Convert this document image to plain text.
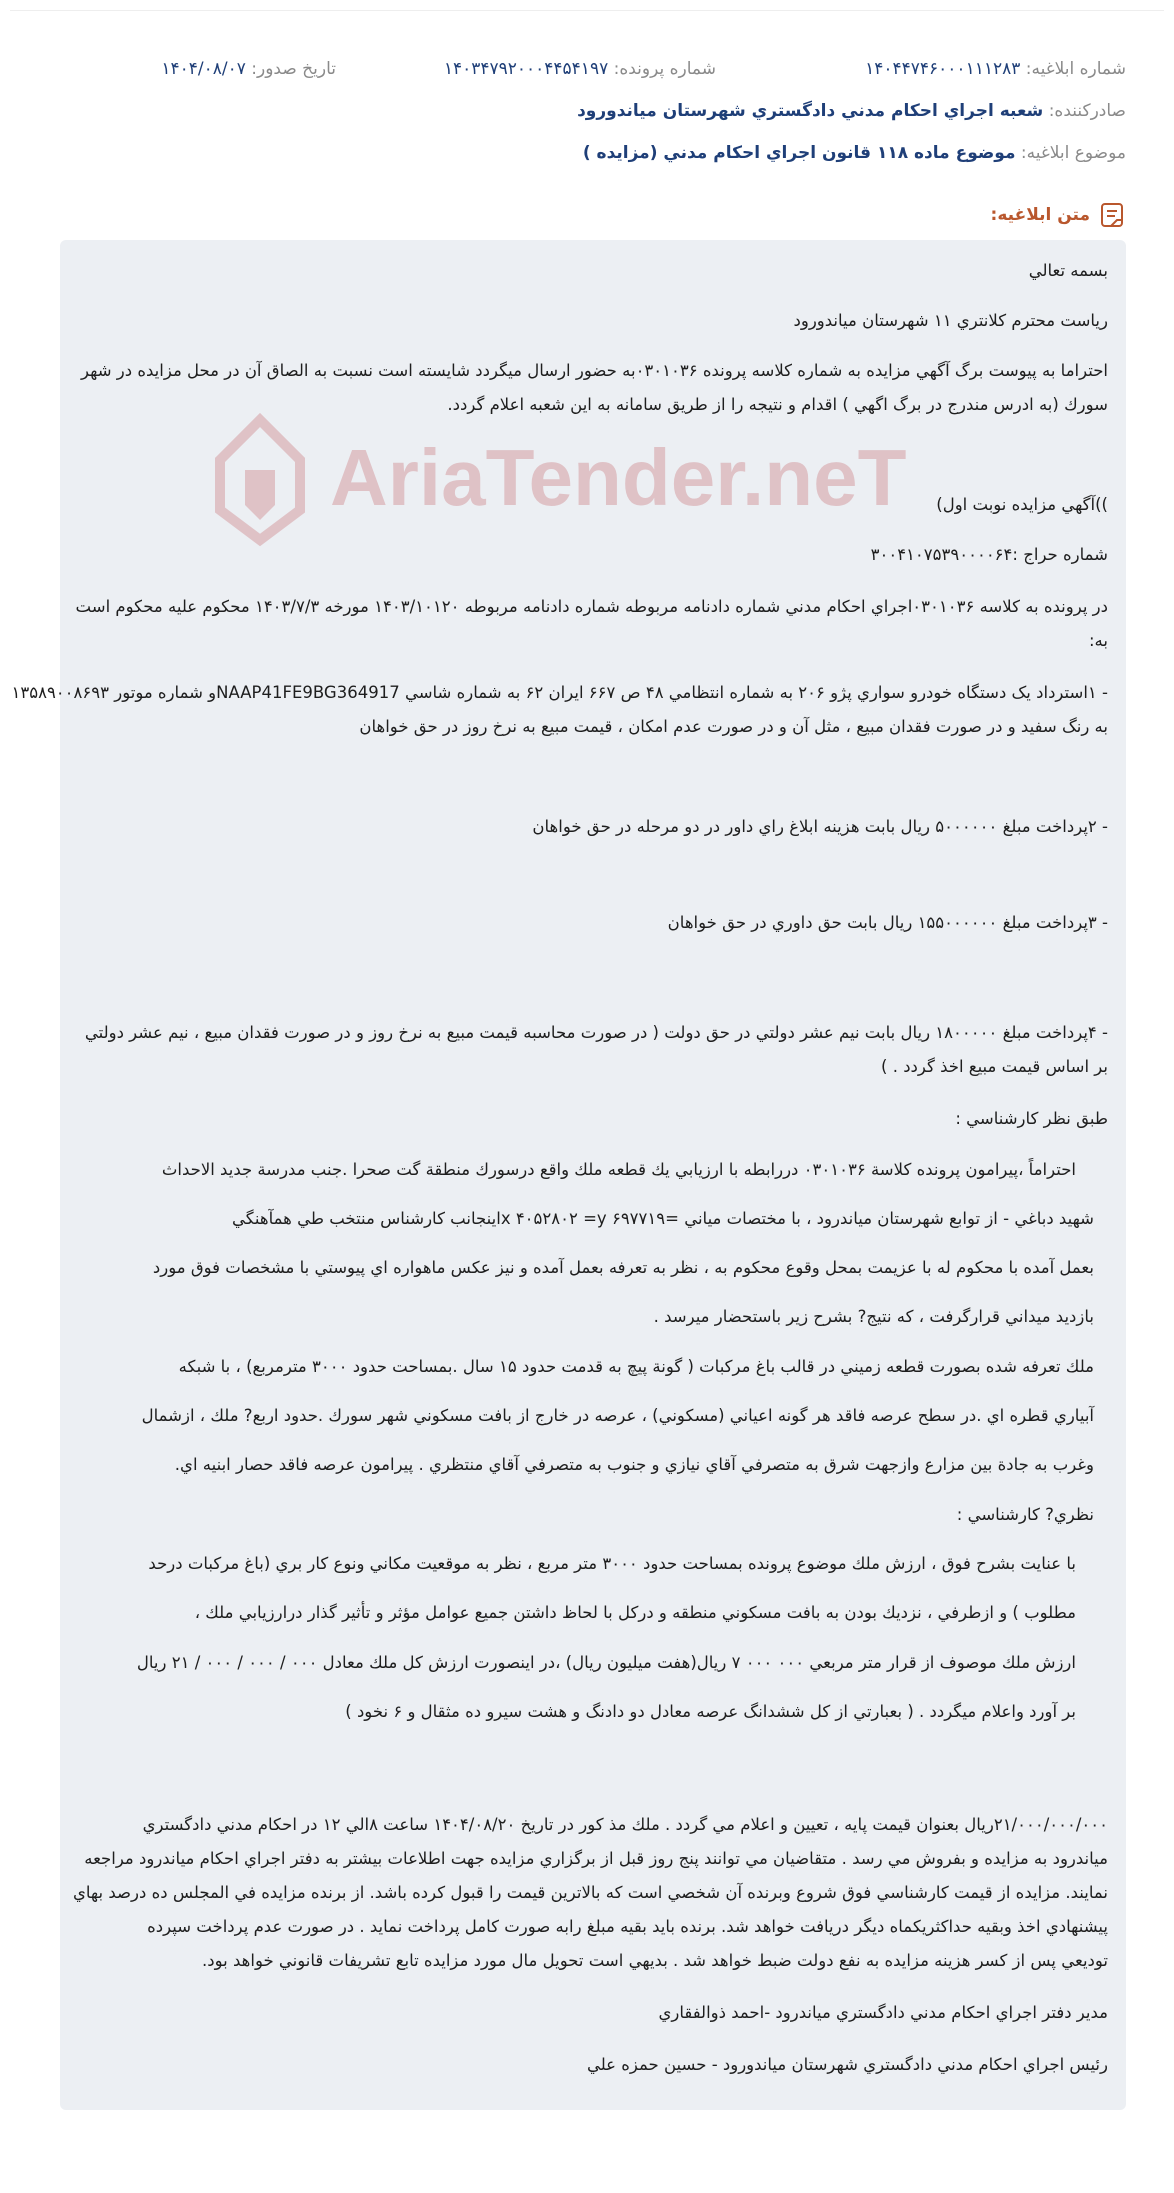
شماره ابلاغیه: ۱۴۰۴۴۷۴۶۰۰۰۱۱۱۲۸۳
شماره پرونده: ۱۴۰۳۴۷۹۲۰۰۰۴۴۵۴۱۹۷
تاریخ صدور: ۱۴۰۴/۰۸/۰۷
صادرکننده: شعبه اجراي احكام مدني دادگستري شهرستان مياندورود
موضوع ابلاغیه: موضوع ماده ۱۱۸ قانون اجراي احكام مدني (مزايده )
متن ابلاغیه:
AriaTender.neT
بسمه تعالي
رياست محترم كلانتري ۱۱ شهرستان مياندورود
احتراما به پيوست برگ آگهي مزايده به شماره كلاسه پرونده ۰۳۰۱۰۳۶به حضور ارسال ميگردد شايسته است نسبت به الصاق آن در محل مزايده در شهر
سورك (به ادرس مندرج در برگ اگهي ) اقدام و نتيجه را از طريق سامانه به اين شعبه اعلام گردد.
))آگهي مزايده نوبت اول)
شماره حراج :۳۰۰۴۱۰۷۵۳۹۰۰۰۰۶۴
در پرونده به كلاسه ۰۳۰۱۰۳۶اجراي احكام مدني شماره دادنامه مربوطه شماره دادنامه مربوطه ۱۴۰۳/۱۰۱۲۰ مورخه ۱۴۰۳/۷/۳ محكوم عليه محكوم است
به:
- ۱استرداد يک دستگاه خودرو سواري پژو ۲۰۶ به شماره انتظامي ۴۸ ص ۶۶۷ ايران ۶۲ به شماره شاسي NAAP41FE9BG364917و شماره موتور ۱۳۵۸۹۰۰۸۶۹۳
به رنگ سفيد و در صورت فقدان مبيع ، مثل آن و در صورت عدم امكان ، قيمت مبيع به نرخ روز در حق خواهان
- ۲پرداخت مبلغ ۵۰۰۰۰۰۰ ريال بابت هزينه ابلاغ راي داور در دو مرحله در حق خواهان
- ۳پرداخت مبلغ ۱۵۵۰۰۰۰۰۰ ريال بابت حق داوري در حق خواهان
- ۴پرداخت مبلغ ۱۸۰۰۰۰۰ ريال بابت نيم عشر دولتي در حق دولت ( در صورت محاسبه قيمت مبيع به نرخ روز و در صورت فقدان مبيع ، نيم عشر دولتي
بر اساس قيمت مبيع اخذ گردد . )
طبق نظر كارشناسي :
احتراماً ،پيرامون پرونده كلاسة ۰۳۰۱۰۳۶ دررابطه با ارزيابي يك قطعه ملك واقع درسورك منطقة گت صحرا .جنب مدرسة جديد الاحداث
شهيد دباغي - از توابع شهرستان مياندرود ، با مختصات مياني =۶۹۷۷۱۹ x ۴۰۵۲۸۰۲ =yاينجانب كارشناس منتخب طي همآهنگي
بعمل آمده با محكوم له با عزيمت بمحل وقوع محكوم به ، نظر به تعرفه بعمل آمده و نيز عكس ماهواره اي پيوستي با مشخصات فوق مورد
بازديد ميداني قرارگرفت ، كه نتيج? بشرح زير باستحضار ميرسد .
ملك تعرفه شده بصورت قطعه زميني در قالب باغ مركبات ( گونة پيچ به قدمت حدود ۱۵ سال .بمساحت حدود ۳۰۰۰ مترمربع) ، با شبكه
آبياري قطره اي .در سطح عرصه فاقد هر گونه اعياني (مسكوني) ، عرصه در خارج از بافت مسكوني شهر سورك .حدود اربع? ملك ، ازشمال
وغرب به جادة بين مزارع وازجهت شرق به متصرفي آقاي نيازي و جنوب به متصرفي آقاي منتظري . پيرامون عرصه فاقد حصار ابنيه اي.
نظري? كارشناسي :
با عنايت بشرح فوق ، ارزش ملك موضوع پرونده بمساحت حدود ۳۰۰۰ متر مربع ، نظر به موقعيت مكاني ونوع كار بري (باغ مركبات درحد
مطلوب ) و ازطرفي ، نزديك بودن به بافت مسكوني منطقه و دركل با لحاظ داشتن جميع عوامل مؤثر و تأثير گذار درارزيابي ملك ،
ارزش ملك موصوف از قرار متر مربعي ۰۰۰ ۰۰۰ ۷ ريال(هفت ميليون ريال) ،در اينصورت ارزش كل ملك معادل ۰۰۰ / ۰۰۰ / ۰۰۰ / ۲۱ ريال
بر آورد واعلام ميگردد . ( بعبارتي از كل ششدانگ عرصه معادل دو دادنگ و هشت سيرو ده مثقال و ۶ نخود )
۲۱/۰۰۰/۰۰۰/۰۰۰ريال بعنوان قيمت پايه ، تعيين و اعلام مي گردد . ملك مذ كور در تاريخ ۱۴۰۴/۰۸/۲۰ ساعت ۸الي ۱۲ در احكام مدني دادگستري
مياندرود به مزايده و بفروش مي رسد . متقاضيان مي توانند پنج روز قبل از برگزاري مزايده جهت اطلاعات بيشتر به دفتر اجراي احكام مياندرود مراجعه
نمايند. مزايده از قيمت كارشناسي فوق شروع وبرنده آن شخصي است كه بالاترين قيمت را قبول كرده باشد. از برنده مزايده في المجلس ده درصد بهاي
پيشنهادي اخذ وبقيه حداكثريكماه ديگر دريافت خواهد شد. برنده بايد بقيه مبلغ رابه صورت كامل پرداخت نمايد . در صورت عدم پرداخت سپرده
توديعي پس از كسر هزينه مزايده به نفع دولت ضبط خواهد شد . بديهي است تحويل مال مورد مزايده تابع تشريفات قانوني خواهد بود.
مدير دفتر اجراي احكام مدني دادگستري مياندرود -احمد ذوالفقاري
رئيس اجراي احكام مدني دادگستري شهرستان مياندورود - حسين حمزه علي
